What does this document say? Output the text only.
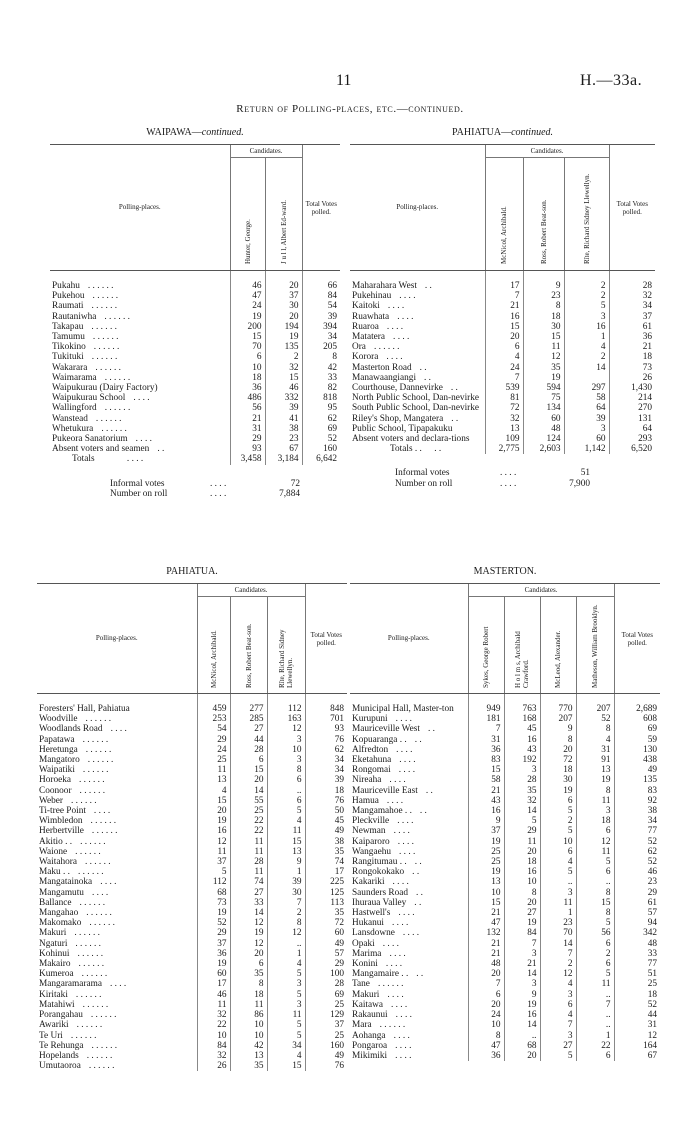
11	H.—33a.
Return of Polling-places, etc.—continued.
WAIPAWA—continued.
Polling-places.	Candidates.		Total Votes polled.

	Hunter, George.	J u l l, Albert Ed-ward.	

Pukahu . . . . . .	46	20	66
Pukehou . . . . . .	47	37	84
Raumati . . . . . .	24	30	54
Rautaniwha . . . . . .	19	20	39
Takapau . . . . . .	200	194	394
Tamumu . . . . . .	15	19	34
Tikokino . . . . . .	70	135	205
Tukituki . . . . . .	6	2	8
Wakarara . . . . . .	10	32	42
Waimarama . . . . . .	18	15	33
Waipukurau (Dairy Factory)	36	46	82
Waipukurau School . . . .	486	332	818
Wallingford . . . . . .	56	39	95
Wanstead . . . . . .	21	41	62
Whetukura . . . . . .	31	38	69
Pukeora Sanatorium . . . .	29	23	52
Absent voters and seamen . .	93	67	160
Totals . . . .	3,458	3,184	6,642
Informal votes	. . . .	72
Number on roll	. . . .	7,884
PAHIATUA—continued.
Polling-places.	Candidates.			Total Votes polled.

	McNicol, Archibald.	Ross, Robert Beat-son.	Rîte, Richard Sidney Llewellyn.	

Maharahara West . .	17	9	2	28
Pukehinau . . . .	7	23	2	32
Kaitoki . . . .	21	8	5	34
Ruawhata . . . .	16	18	3	37
Ruaroa . . . .	15	30	16	61
Matatera . . . .	20	15	1	36
Ora . . . . . .	6	11	4	21
Korora . . . .	4	12	2	18
Masterton Road . .	24	35	14	73
Manawaangiangi . .	7	19		26
Courthouse, Dannevirke . .	539	594	297	1,430
North Public School, Dan-nevirke	81	75	58	214
South Public School, Dan-nevirke	72	134	64	270
Riley's Shop, Mangatera . .	32	60	39	131
Public School, Tipapakuku	13	48	3	64
Absent voters and declara-tions	109	124	60	293
Totals . . . .	2,775	2,603	1,142	6,520
Informal votes	. . . .	51
Number on roll	. . . .	7,900
PAHIATUA.
Polling-places.	Candidates.			Total Votes polled.

	McNicol, Archibald.	Ross, Robert Beat-son.	Rîte, Richard Sidney Llewellyn.	

Foresters' Hall, Pahiatua	459	277	112	848
Woodville . . . . . .	253	285	163	701
Woodlands Road . . . .	54	27	12	93
Papatawa . . . . . .	29	44	3	76
Heretunga . . . . . .	24	28	10	62
Mangatoro . . . . . .	25	6	3	34
Waipatiki . . . . . .	11	15	8	34
Horoeka . . . . . .	13	20	6	39
Coonoor . . . . . .	4	14	..	18
Weber . . . . . .	15	55	6	76
Ti-tree Point . . . .	20	25	5	50
Wimbledon . . . . . .	19	22	4	45
Herbertville . . . . . .	16	22	11	49
Akitio . . . . . . . .	12	11	15	38
Waione . . . . . .	11	11	13	35
Waitahora . . . . . .	37	28	9	74
Maku . . . . . . . .	5	11	1	17
Mangatainoka . . . .	112	74	39	225
Mangamutu . . . .	68	27	30	125
Ballance . . . . . .	73	33	7	113
Mangahao . . . . . .	19	14	2	35
Makomako . . . . . .	52	12	8	72
Makuri . . . . . .	29	19	12	60
Ngaturi . . . . . .	37	12	..	49
Kohinui . . . . . .	36	20	1	57
Makairo . . . . . .	19	6	4	29
Kumeroa . . . . . .	60	35	5	100
Mangaramarama . . . .	17	8	3	28
Kiritaki . . . . . .	46	18	5	69
Matahiwi . . . . . .	11	11	3	25
Porangahau . . . . . .	32	86	11	129
Awariki . . . . . .	22	10	5	37
Te Uri . . . . . .	10	10	5	25
Te Rehunga . . . . . .	84	42	34	160
Hopelands . . . . . .	32	13	4	49
Umutaoroa . . . . . .	26	35	15	76
MASTERTON.
Polling-places.	Candidates.				Total Votes polled.

	Sykes, George Robert	H o l m s, Archibald Crawford.	McLeod, Alexander.	Matheson, William Brooklyn.	

Municipal Hall, Master-ton	949	763	770	207	2,689
Kurupuni . . . .	181	168	207	52	608
Mauriceville West . .	7	45	9	8	69
Kopuaranga . . . .	31	16	8	4	59
Alfredton . . . .	36	43	20	31	130
Eketahuna . . . .	83	192	72	91	438
Rongomai . . . .	15	3	18	13	49
Nireaha . . . .	58	28	30	19	135
Mauriceville East . .	21	35	19	8	83
Hamua . . . .	43	32	6	11	92
Mangamahoe . . . .	16	14	5	3	38
Pleckville . . . .	9	5	2	18	34
Newman . . . .	37	29	5	6	77
Kaiparoro . . . .	19	11	10	12	52
Wangaehu . . . .	25	20	6	11	62
Rangitumau . . . .	25	18	4	5	52
Rongokokako . .	19	16	5	6	46
Kakariki . . . .	13	10	..	..	23
Saunders Road . .	10	8	3	8	29
Ihuraua Valley . .	15	20	11	15	61
Hastwell's . . . .	21	27	1	8	57
Hukanui . . . .	47	19	23	5	94
Lansdowne . . . .	132	84	70	56	342
Opaki . . . .	21	7	14	6	48
Marima . . . .	21	3	7	2	33
Konini . . . .	48	21	2	6	77
Mangamaire . . . .	20	14	12	5	51
Tane . . . . . .	7	3	4	11	25
Makuri . . . .	6	9	3	..	18
Kaitawa . . . .	20	19	6	7	52
Rakaunui . . . .	24	16	4	..	44
Mara . . . . . .	10	14	7	..	31
Aohanga . . . .	8	..	3	1	12
Pongaroa . . . .	47	68	27	22	164
Mikimiki . . . .	36	20	5	6	67
